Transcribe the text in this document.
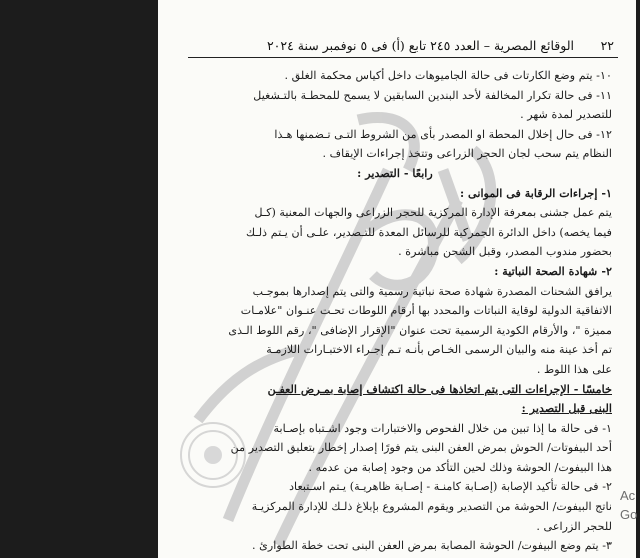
٢٢
الوقائع المصرية – العدد ٢٤٥ تابع (أ) فى ٥ نوفمبر سنة ٢٠٢٤

١٠- يتم وضع الكارتات فى حالة الجاميوهات داخل أكياس محكمة الغلق .

١١- فى حالة تكرار المخالفة لأحد البندين السابقين لا يسمح للمحطـة بالتـشغيل

للتصدير لمدة شهر .

١٢- فى حال إخلال المحطة او المصدر بأى من الشروط التـى تـضمنها هـذا

النظام يتم سحب لجان الحجر الزراعى وتتخذ إجراءات الإيقاف .

رابعًا - التصدير :

١- إجراءات الرقابة فى الموانى :

يتم عمل جشنى بمعرفة الإدارة المركزية للحجر الزراعى والجهات المعنية (كـل

فيما يخصه) داخل الدائرة الجمركية للرسائل المعدة للتـصدير، علـى أن يـتم ذلـك

بحضور مندوب المصدر، وقبل الشحن مباشرة .

٢- شهادة الصحة النباتية :

يرافق الشحنات المصدرة شهادة صحة نباتية رسمية والتى يتم إصدارها بموجـب

الاتفاقية الدولية لوقاية النباتات والمحدد بها أرقام اللوطات تحـت عنـوان "علامـات

مميزة "، والأرقام الكودية الرسمية تحت عنوان "الإقرار الإضافى "، رقم اللوط الـذى

تم أخذ عينة منه والبيان الرسمى الخـاص بأنـه تـم إجـراء الاختبـارات اللازمـة

على هذا اللوط .

خامسًا - الإجراءات التى يتم اتخاذها فى حالة اكتشاف إصابة بمـرض العفـن

البنى قبل التصدير :

١- فى حالة ما إذا تبين من خلال الفحوص والاختبارات وجود اشـتباه بإصـابة

أحد البيفوتات/ الحوش بمرض العفن البنى يتم فورًا إصدار إخطار بتعليق التصدير من

هذا البيفوت/ الحوشة وذلك لحين التأكد من وجود إصابة من عدمه .

٢- فى حالة تأكيد الإصابة (إصـابة كامنـة - إصـابة ظاهريـة) يـتم اسـتبعاد

ناتج البيفوت/ الحوشة من التصدير ويقوم المشروع بإبلاغ ذلـك للإدارة المركزيـة

للحجر الزراعى .

٣- يتم وضع البيفوت/ الحوشة المصابة بمرض العفن البنى تحت خطة الطوارئ .

Ac
Go
